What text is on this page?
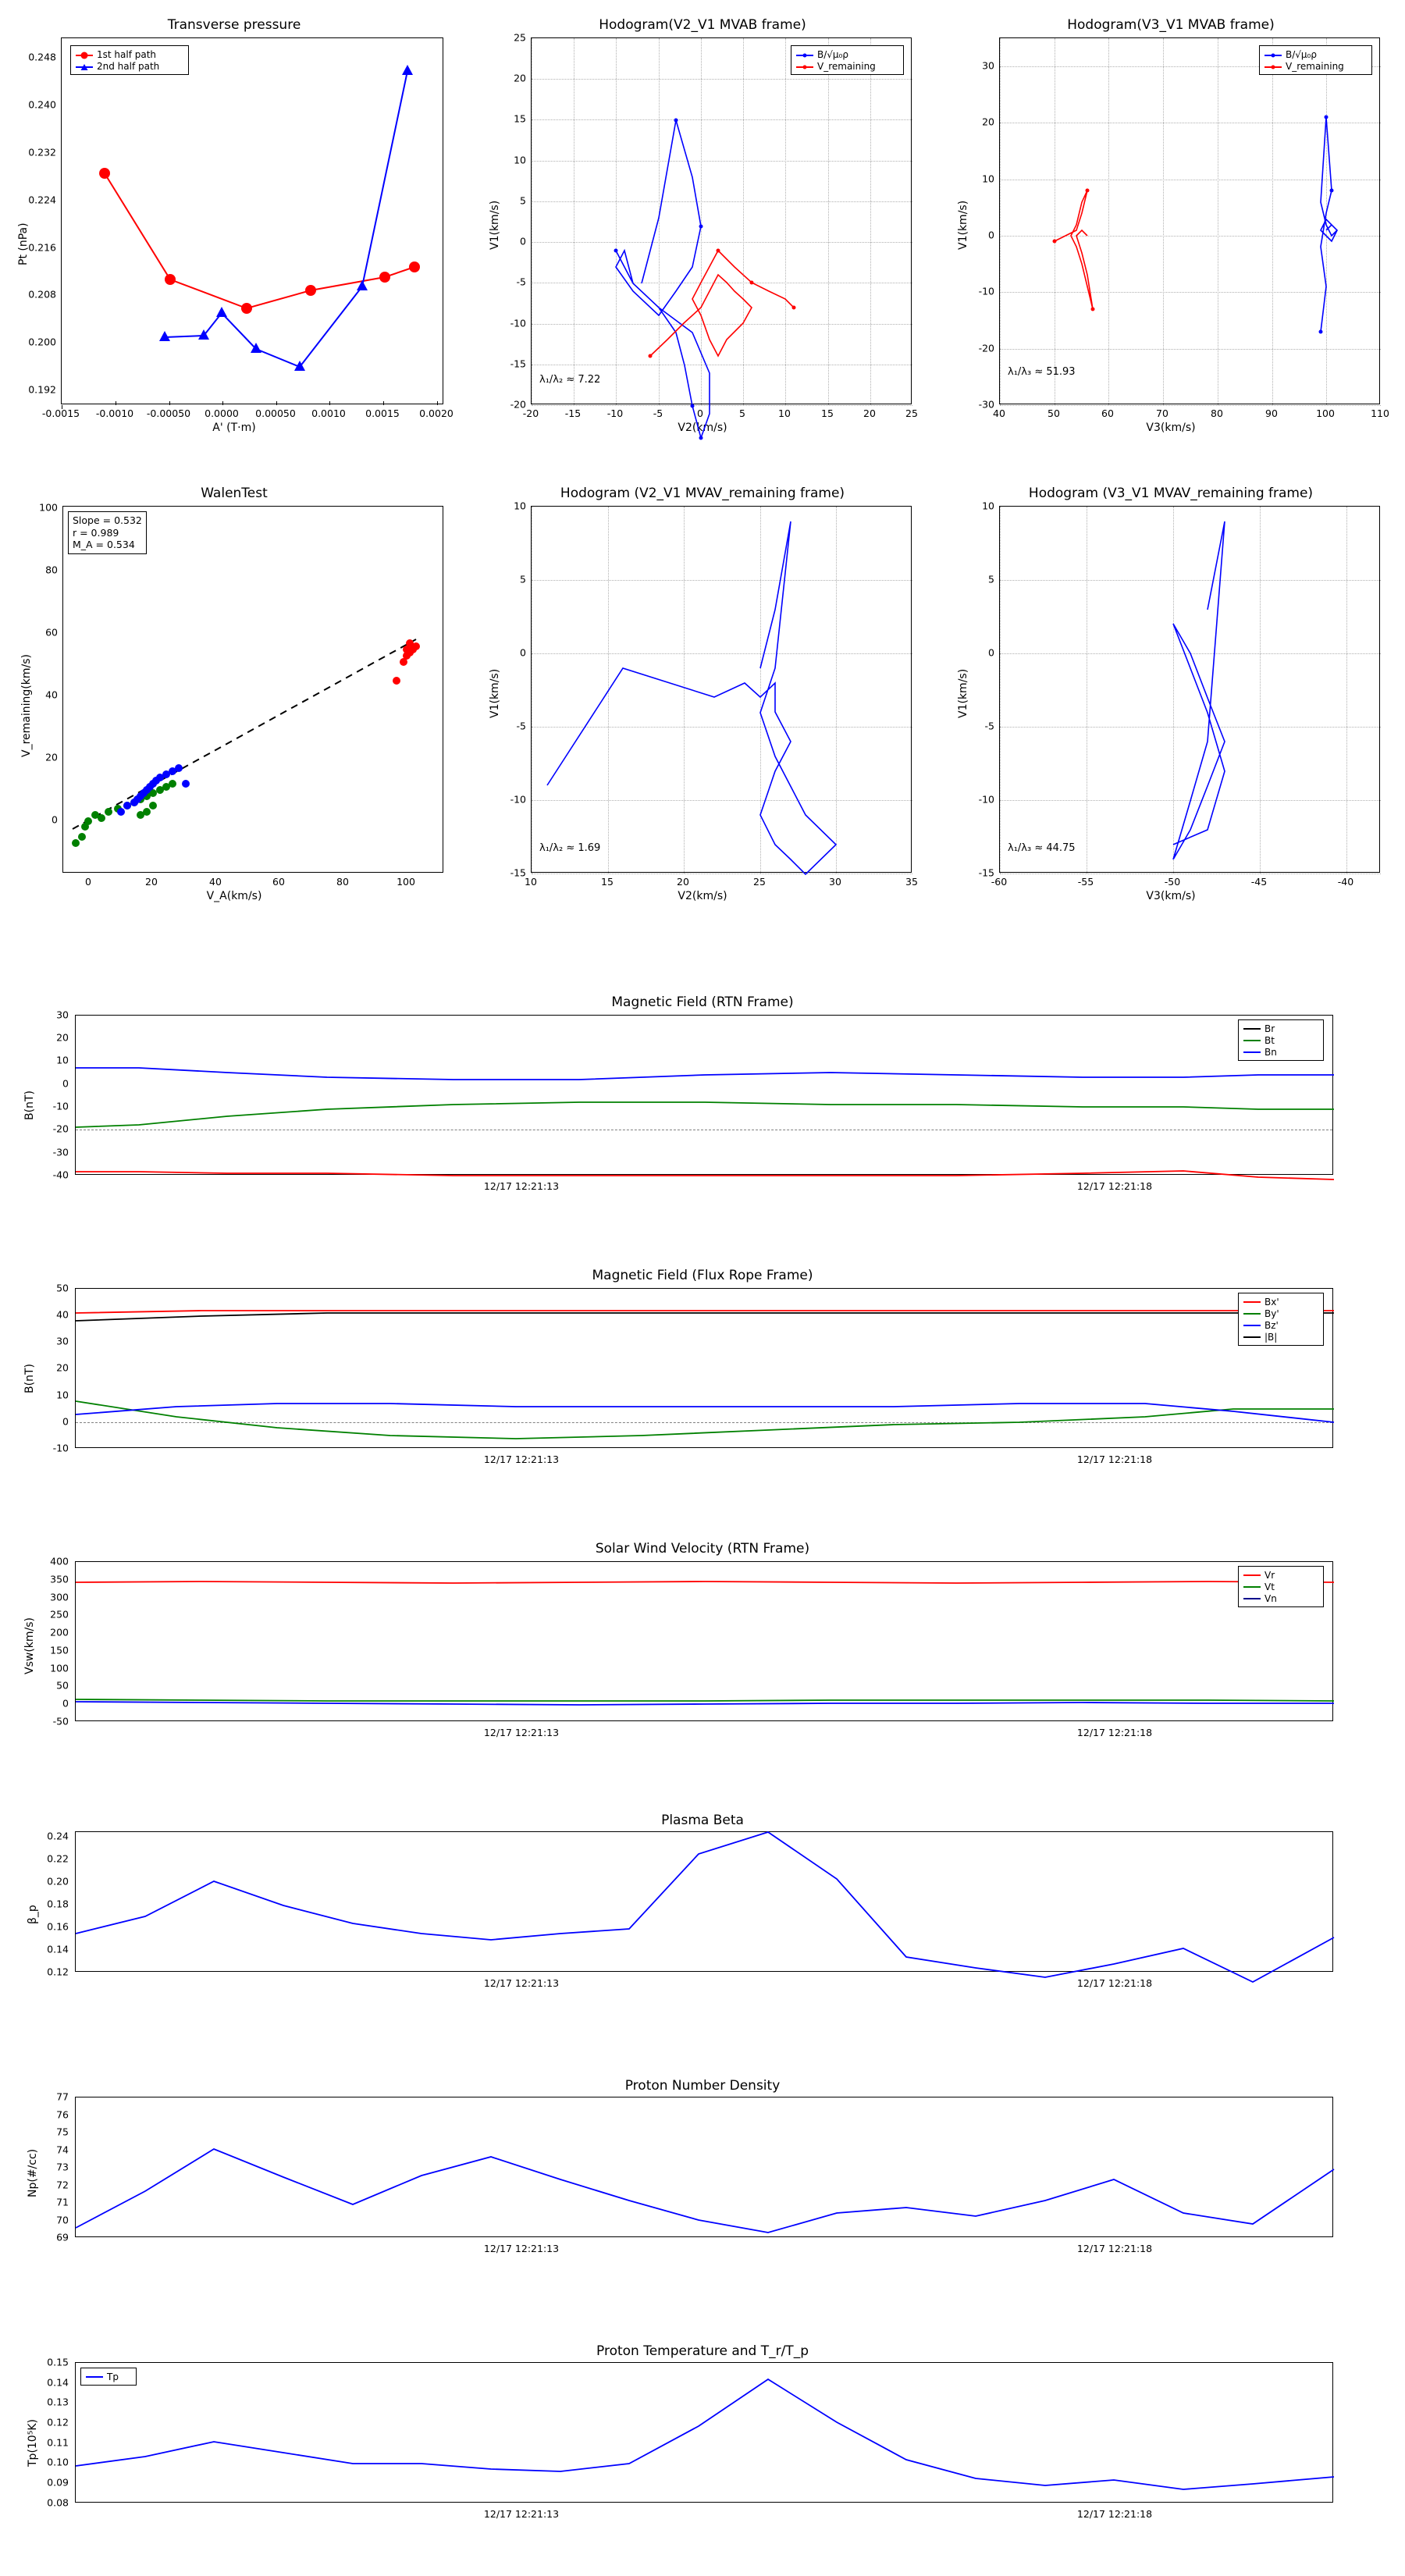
Transverse pressure
Pt (nPa)
A' (T·m)
-0.0015 -0.0010 -0.00050 0.0000 0.00050 0.0010 0.0015 0.0020
0.192
0.200
0.208
0.216
0.224
0.232
0.240
0.248	1st half path
2nd half path
Hodogram(V2_V1 MVAB frame)
V1(km/s)
V2(km/s)
λ₁/λ₂ ≈ 7.22
-20	-15	-10	-5	0	5	10	15	20	25
-20
-15
-10
-5
0
5
10
15
20
25
B/√μ₀ρ
V_remaining
Hodogram(V3_V1 MVAB frame)
V1(km/s)
V3(km/s)
λ₁/λ₃ ≈ 51.93
40	50	60	70	80	90	100	110
-30
-20
-10
0
10
20
30
B/√μ₀ρ
V_remaining
WalenTest
V_remaining(km/s)
V_A(km/s)
Slope = 0.532
r = 0.989
M_A = 0.534
0	20	40	60	80	100
0
20
40
60
80
100
Hodogram (V2_V1 MVAV_remaining frame)
V1(km/s)
V2(km/s)
λ₁/λ₂ ≈ 1.69
10	15	20	25	30	35
-15
-10
-5
0
5
10
Hodogram (V3_V1 MVAV_remaining frame)
V1(km/s)
V3(km/s)
λ₁/λ₃ ≈ 44.75
-60	-55	-50	-45	-40
-15
-10
-5
0
5
10
Magnetic Field (RTN Frame)
B(nT)
-40
-30
-20
-10
0
10
20
30
12/17 12:21:13	12/17 12:21:18
Br
Bt
Bn
Magnetic Field (Flux Rope Frame)
B(nT)
-10
0
10
20
30
40
50
12/17 12:21:13	12/17 12:21:18
Bx'
By'
Bz'
|B|
Solar Wind Velocity (RTN Frame)
Vsw(km/s)
-50
0
50
100
150
200
250
300
350
400
12/17 12:21:13	12/17 12:21:18
Vr
Vt
Vn
Plasma Beta
β_p
0.12
0.14
0.16
0.18
0.20
0.22
0.24
12/17 12:21:13	12/17 12:21:18
Proton Number Density
Np(#/cc)
69
70
71
72
73
74
75
76
77
12/17 12:21:13	12/17 12:21:18
Proton Temperature and T_r/T_p
Tp(10⁵K)
Tp
0.08
0.09
0.10
0.11
0.12
0.13
0.14
0.15
12/17 12:21:13	12/17 12:21:18
